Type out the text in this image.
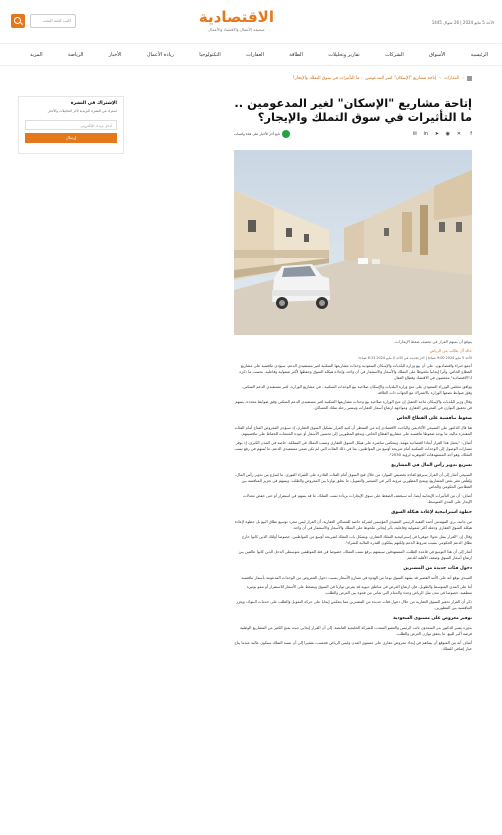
الأحد 5 مايو 2024 | 26 شوال 1445
الاقتصادية
صحيفة الأعمال والاقتصاد والأعمال
اكتب كلمة البحث
الرئيسية
الأسواق
الشركات
تقارير وتحليلات
الطاقة
العقارات
التكنولوجيا
ريادة الأعمال
الأخبار
الرياضة
المزيد
›
العقارات
›
إتاحة مشاريع "الإسكان" لغير المدعومين .. ما التأثيرات في سوق التملك والإيجار؟
إتاحة مشاريع "الإسكان" لغير المدعومين .. ما التأثيرات في سوق التملك والإيجار؟
f
✕
◉
➤
in
✉
تابع أخر الأخبار على قناة واتساب
يتوقع أن يسهم القرار في تخفيف ضغط الإيجارات.
خالد آل طالب من الرياض
الأحد 5 مايو 2024 9:00 صباحا | آخر تحديث في الأحد 5 مايو 2024 6:13 صباحا

أجمع خبراء واقتصاديون، على أن بيع وزارة البلديات والإسكان السعودية وحدات مشاريعها السكنية لغير مستفيدي الدعم، سيؤدي تنافسية على مشاريع القطاع الخاص، وأثرا إيجابيا ملحوظا على التملك والأسعار والاستثمار في آن واحد، وإعادة هيكلة السوق وحفظها لأكثر شمولية وفاعلية، بحسب ما ذكره لـ"الاقتصادية" مختصون في الاقتصاد وقطاع العقار.

ووافق مجلس الوزراء السعودي على منح وزارة البلديات والإسكان صلاحية بيع الوحدات السكنية - في مشاريع الوزارة- لغير مستفيدي الدعم السكني، وفق ضوابط تضعها الوزارة بالاشتراك مع الجهات ذات العلاقة.

وقال وزير البلديات والإسكان ماجد الحقيل إن منح الوزارة صلاحية بيع وحدات مشاريعها السكنية لغير مستفيدي الدعم السكني وفق ضوابط محددة، يسهم في تحقيق التوازن في المعروض العقاري ومواجهة ارتفاع أسعار العقارات وتيسير رحلة تملك المساكن.

ضغوط تنافسية على القطاع الخاص

هنا قال الدكتور علي السبيعي الأكاديمي والباحث الاقتصادي إنه من المنتظر أن يُعيد القرار تشكيل السوق العقاري، إذ سيؤدي المعروض المتاح أمام الفئات المقتدرة مالية، ما يوجد ضغوطا تنافسية على مشاريع القطاع الخاص، ويدفع المطورين إلى تحسين الأسعار أو جودة المنتجات للحفاظ على تنافسيتهم.

أضاف: "يحمل هذا القرار أبعادا اقتصادية مهمة، وينعكس مباشرة على هيكل السوق العقاري ونسب التملك في المملكة، خاصة في المدن الكبرى، إذ يوفر مسارات الوصول إلى الوحدات السكنية أمام شريحة أوسع من المواطنين، بما في ذلك الفئات التي لم تكن ضمن مستفيدي الدعم، ما يُسهم في رفع نسب التملك، وهو أحد المستهدفات الجوهرية لرؤية 2030".

تسريع تدوير رأس المال في المشاريع

السبيعي أشار إلى أن القرار سيرفع كفاءة تخصيص الموارد من خلال فتح السوق أمام الفئات القادرة على الشراء الفوري، ما يُسرّع من تدوير رأس المال، ويُقلّص تعثر بعض المشاريع، ويمنح المطورين مرونة أكبر في التسعير والتمويل، ما يخلق توازنا بين المعروض والطلب، ويسهم في تعزيز المنافسة بين القطاعين الحكومي والخاص.

أضاف: أن من التأثيرات الإيجابية أيضا، أنه سيخفف الضغط على سوق الإيجارات بزيادة نسب التملك، ما قد يسهم في استقرار أو حتى خفض معدلات الإيجار على المدى المتوسط.

خطوة استراتيجية لإعادة هيكلة السوق

من جانبه، يرى المهندس أحمد الفقيه الرئيس التنفيذي المؤسس لشركة خاصة للمساكن العقارية، أن القرار ليس مجرد توسيع نطاق البيع بل خطوة لإعادة هيكلة السوق العقاري وجعله أكثر شمولية وفاعلية، بأثر إيجابي ملحوظ على التملك والأسعار والاستثمار في آن واحد.

وقال إن "القرار يمثل تحولا جوهريا في إستراتيجية التملك العقاري، ويشكل باب التملك لشريحة أوسع من المواطنين، خصوصا أولئك الذين كانوا خارج نطاق الدعم الحكومي بسبب شروط الدعم ولكنهم يملكون القدرة المالية للشراء".

أشار إلى أن هذا التوسع في قاعدة الطلب، المستهدفين سيسهم برفع نسب التملك، خصوصا في فئة الموظفين متوسطي الدخل الذين كانوا عالقين بين ارتفاع أسعار السوق وضعف الأهلية للدعم.

دخول فئات جديدة من المشترين

العبيدي توقع أنه على الأمد القصير قد يشهد السوق نوعا من الهدوء في تسارع الأسعار بسبب دخول المعروض من الوحدات المدعومة بأسعار تنافسية.

أما على المدى المتوسط والطويل، فإن ارتفاع العرض في مناطق حيوية قد يفرض توازنا في السوق ويضغط على الأسعار للاستقرار أو تنمو بوتيرة منطقية، خصوصا في مدن مثل الرياض وجدة والدمام التي تعاني من فجوة بين العرض والطلب.

ذكر أن القرار تحفيز للسوق العقارية من خلال دخول فئات جديدة من المشترين مما ينعكس إيجابا على حركة التمويل والطلب على خدمات البنوك، ويعزز التنافسية بين المطورين.

توفير معروض على مستوى السعودية

بدوره يشير الدكتور بدر السعدون نائب الرئيس والعضو المنتدب للشركة الخليجية القابضة، إلى أن القرار إيجابي حيث يمنح الكثير من المشاريع الوطنية فرصة أكبر للبيع، ما يحقق توازن العرض والطلب.

أضاف أنه من المتوقع أن يساهم في إيجاد معروض عقاري على مستوى المدن وليس الرياض فحسب، مشيرا إلى أن نسبة التملك ستكون عالية عندما يتاح خيار إضافي للتملك.

الإشتراك في النشرة
اشترك في النشرة البريدية لأخر التحليلات والأخبار
أدخل بريدك الإلكتروني
إرسال
